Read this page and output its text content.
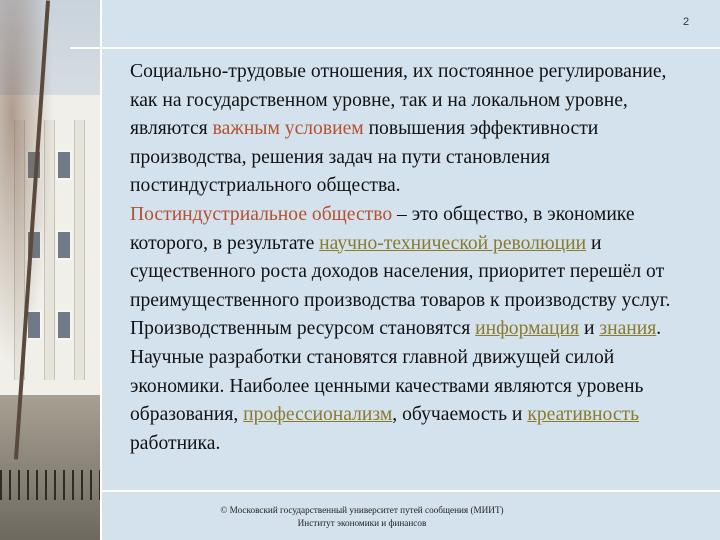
2

Социально-трудовые отношения, их постоянное регулирование, как на государственном уровне, так и на локальном уровне, являются важным условием повышения эффективности производства, решения задач на пути становления постиндустриального общества.

Постиндустриальное общество – это общество, в экономике которого, в результате научно-технической революции и существенного роста доходов населения, приоритет перешёл от преимущественного производства товаров к производству услуг. Производственным ресурсом становятся информация и знания. Научные разработки становятся главной движущей силой экономики. Наиболее ценными качествами являются уровень образования, профессионализм, обучаемость и креативность работника.

© Московский государственный университет путей сообщения (МИИТ)
Институт экономики и финансов
